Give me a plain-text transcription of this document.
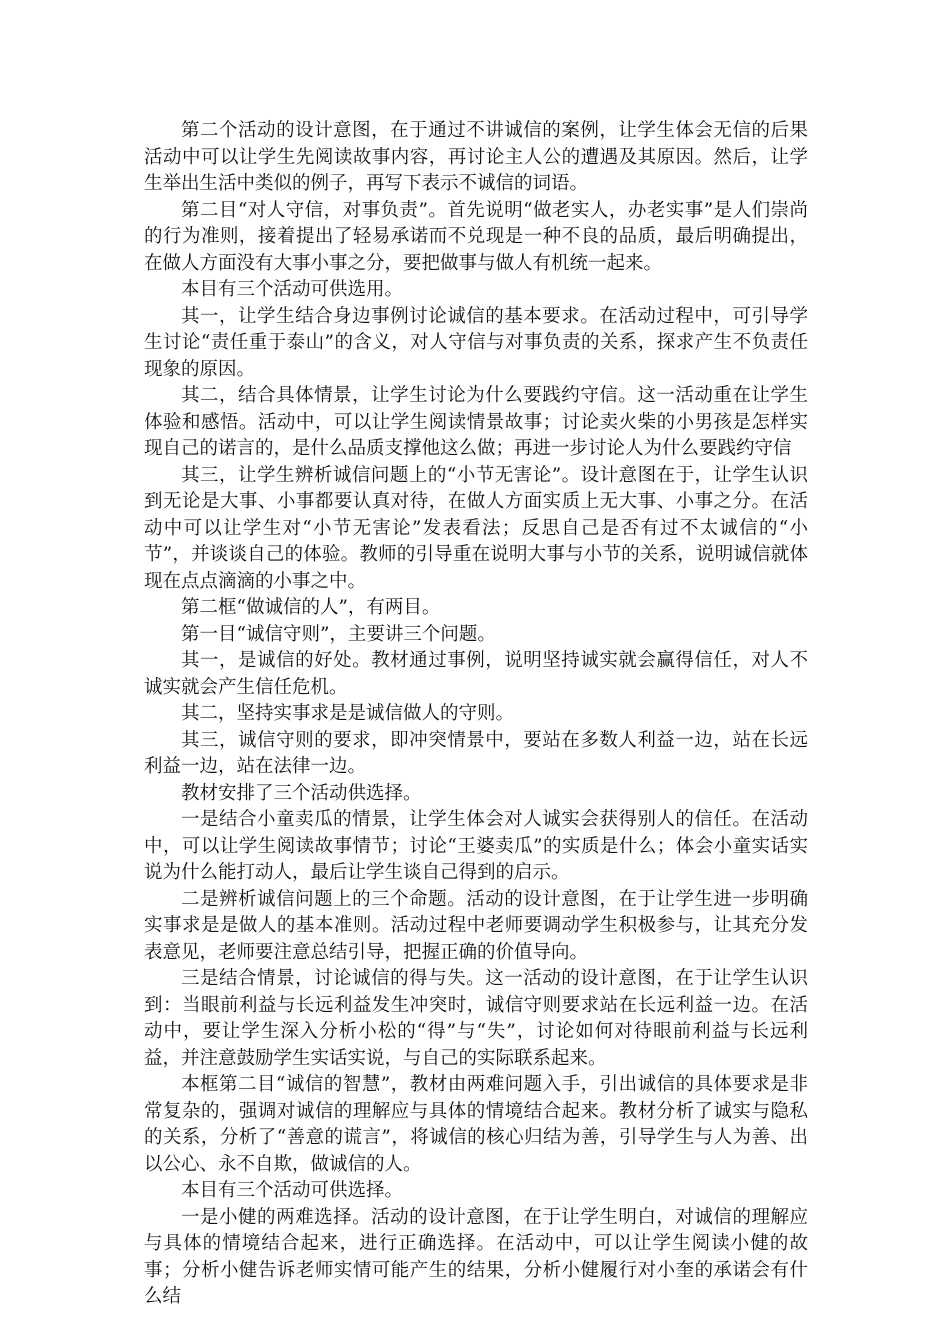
第二个活动的设计意图，在于通过不讲诚信的案例，让学生体会无信的后果活动中可以让学生先阅读故事内容，再讨论主人公的遭遇及其原因。然后，让学生举出生活中类似的例子，再写下表示不诚信的词语。

第二目“对人守信，对事负责”。首先说明“做老实人，办老实事”是人们崇尚的行为准则，接着提出了轻易承诺而不兑现是一种不良的品质，最后明确提出，在做人方面没有大事小事之分，要把做事与做人有机统一起来。

本目有三个活动可供选用。

其一，让学生结合身边事例讨论诚信的基本要求。在活动过程中，可引导学生讨论“责任重于泰山”的含义，对人守信与对事负责的关系，探求产生不负责任现象的原因。

其二，结合具体情景，让学生讨论为什么要践约守信。这一活动重在让学生体验和感悟。活动中，可以让学生阅读情景故事；讨论卖火柴的小男孩是怎样实现自己的诺言的，是什么品质支撑他这么做；再进一步讨论人为什么要践约守信

其三，让学生辨析诚信问题上的“小节无害论”。设计意图在于，让学生认识到无论是大事、小事都要认真对待，在做人方面实质上无大事、小事之分。在活动中可以让学生对“小节无害论”发表看法；反思自己是否有过不太诚信的“小节”，并谈谈自己的体验。教师的引导重在说明大事与小节的关系，说明诚信就体现在点点滴滴的小事之中。

第二框“做诚信的人”，有两目。

第一目“诚信守则”，主要讲三个问题。

其一，是诚信的好处。教材通过事例，说明坚持诚实就会赢得信任，对人不诚实就会产生信任危机。

其二，坚持实事求是是诚信做人的守则。

其三，诚信守则的要求，即冲突情景中，要站在多数人利益一边，站在长远利益一边，站在法律一边。

教材安排了三个活动供选择。

一是结合小童卖瓜的情景，让学生体会对人诚实会获得别人的信任。在活动中，可以让学生阅读故事情节；讨论“王婆卖瓜”的实质是什么；体会小童实话实说为什么能打动人，最后让学生谈自己得到的启示。

二是辨析诚信问题上的三个命题。活动的设计意图，在于让学生进一步明确实事求是是做人的基本准则。活动过程中老师要调动学生积极参与，让其充分发表意见，老师要注意总结引导，把握正确的价值导向。

三是结合情景，讨论诚信的得与失。这一活动的设计意图，在于让学生认识到：当眼前利益与长远利益发生冲突时，诚信守则要求站在长远利益一边。在活动中，要让学生深入分析小松的“得”与“失”，讨论如何对待眼前利益与长远利益，并注意鼓励学生实话实说，与自己的实际联系起来。

本框第二目“诚信的智慧”，教材由两难问题入手，引出诚信的具体要求是非常复杂的，强调对诚信的理解应与具体的情境结合起来。教材分析了诚实与隐私的关系，分析了“善意的谎言”，将诚信的核心归结为善，引导学生与人为善、出以公心、永不自欺，做诚信的人。

本目有三个活动可供选择。

一是小健的两难选择。活动的设计意图，在于让学生明白，对诚信的理解应与具体的情境结合起来，进行正确选择。在活动中，可以让学生阅读小健的故事；分析小健告诉老师实情可能产生的结果，分析小健履行对小奎的承诺会有什么结
